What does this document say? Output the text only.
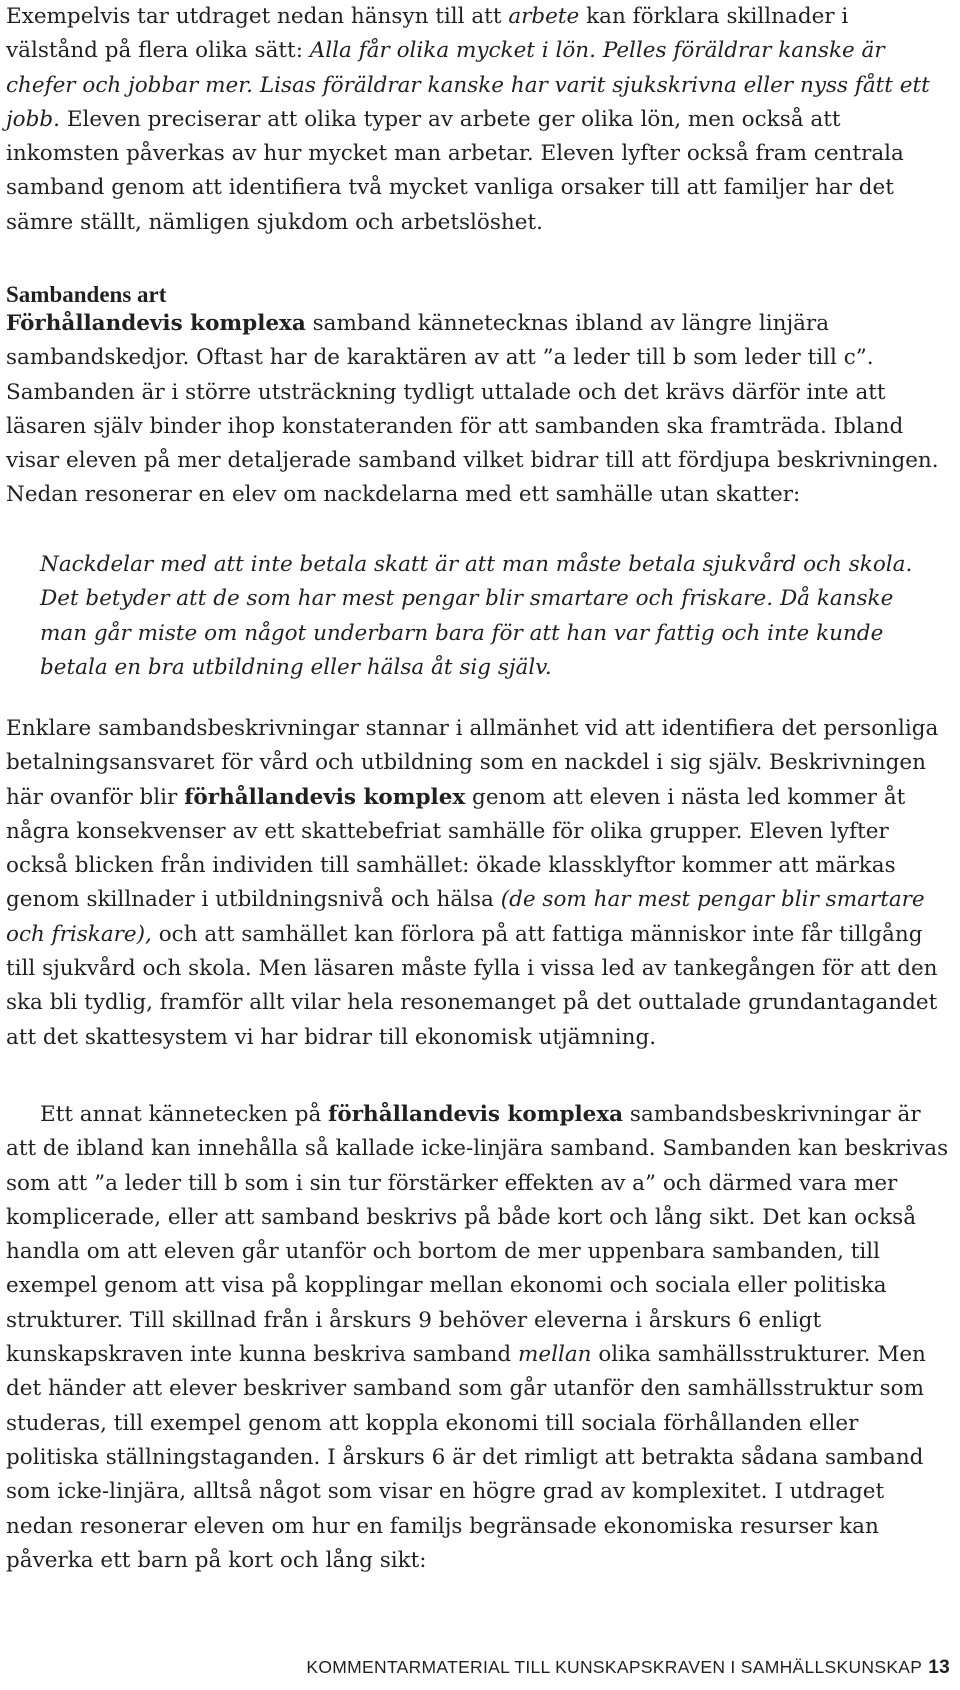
Exempelvis tar utdraget nedan hänsyn till att arbete kan förklara skillnader i välstånd på flera olika sätt: Alla får olika mycket i lön. Pelles föräldrar kanske är chefer och jobbar mer. Lisas föräldrar kanske har varit sjukskrivna eller nyss fått ett jobb. Eleven preciserar att olika typer av arbete ger olika lön, men också att inkomsten påverkas av hur mycket man arbetar. Eleven lyfter också fram centrala samband genom att identifiera två mycket vanliga orsaker till att familjer har det sämre ställt, nämligen sjukdom och arbetslöshet.

Sambandens art

Förhållandevis komplexa samband kännetecknas ibland av längre linjära sambandskedjor. Oftast har de karaktären av att ”a leder till b som leder till c”. Sambanden är i större utsträckning tydligt uttalade och det krävs därför inte att läsaren själv binder ihop konstateranden för att sambanden ska framträda. Ibland visar eleven på mer detaljerade samband vilket bidrar till att fördjupa beskrivningen. Nedan resonerar en elev om nackdelarna med ett samhälle utan skatter:

Nackdelar med att inte betala skatt är att man måste betala sjukvård och skola. Det betyder att de som har mest pengar blir smartare och friskare. Då kanske man går miste om något underbarn bara för att han var fattig och inte kunde betala en bra utbildning eller hälsa åt sig själv.

Enklare sambandsbeskrivningar stannar i allmänhet vid att identifiera det personliga betalningsansvaret för vård och utbildning som en nackdel i sig själv. Beskrivningen här ovanför blir förhållandevis komplex genom att eleven i nästa led kommer åt några konsekvenser av ett skattebefriat samhälle för olika grupper. Eleven lyfter också blicken från individen till samhället: ökade klassklyftor kommer att märkas genom skillnader i utbildningsnivå och hälsa (de som har mest pengar blir smartare och friskare), och att samhället kan förlora på att fattiga människor inte får tillgång till sjukvård och skola. Men läsaren måste fylla i vissa led av tankegången för att den ska bli tydlig, framför allt vilar hela resonemanget på det outtalade grundantagandet att det skattesystem vi har bidrar till ekonomisk utjämning.

Ett annat kännetecken på förhållandevis komplexa sambandsbeskrivningar är att de ibland kan innehålla så kallade icke-linjära samband. Sambanden kan beskrivas som att ”a leder till b som i sin tur förstärker effekten av a” och därmed vara mer komplicerade, eller att samband beskrivs på både kort och lång sikt. Det kan också handla om att eleven går utanför och bortom de mer uppenbara sambanden, till exempel genom att visa på kopplingar mellan ekonomi och sociala eller politiska strukturer. Till skillnad från i årskurs 9 behöver eleverna i årskurs 6 enligt kunskapskraven inte kunna beskriva samband mellan olika samhällsstrukturer. Men det händer att elever beskriver samband som går utanför den samhällsstruktur som studeras, till exempel genom att koppla ekonomi till sociala förhållanden eller politiska ställningstaganden. I årskurs 6 är det rimligt att betrakta sådana samband som icke-linjära, alltså något som visar en högre grad av komplexitet. I utdraget nedan resonerar eleven om hur en familjs begränsade ekonomiska resurser kan påverka ett barn på kort och lång sikt:

KOMMENTARMATERIAL TILL KUNSKAPSKRAVEN I SAMHÄLLSKUNSKAP 13
